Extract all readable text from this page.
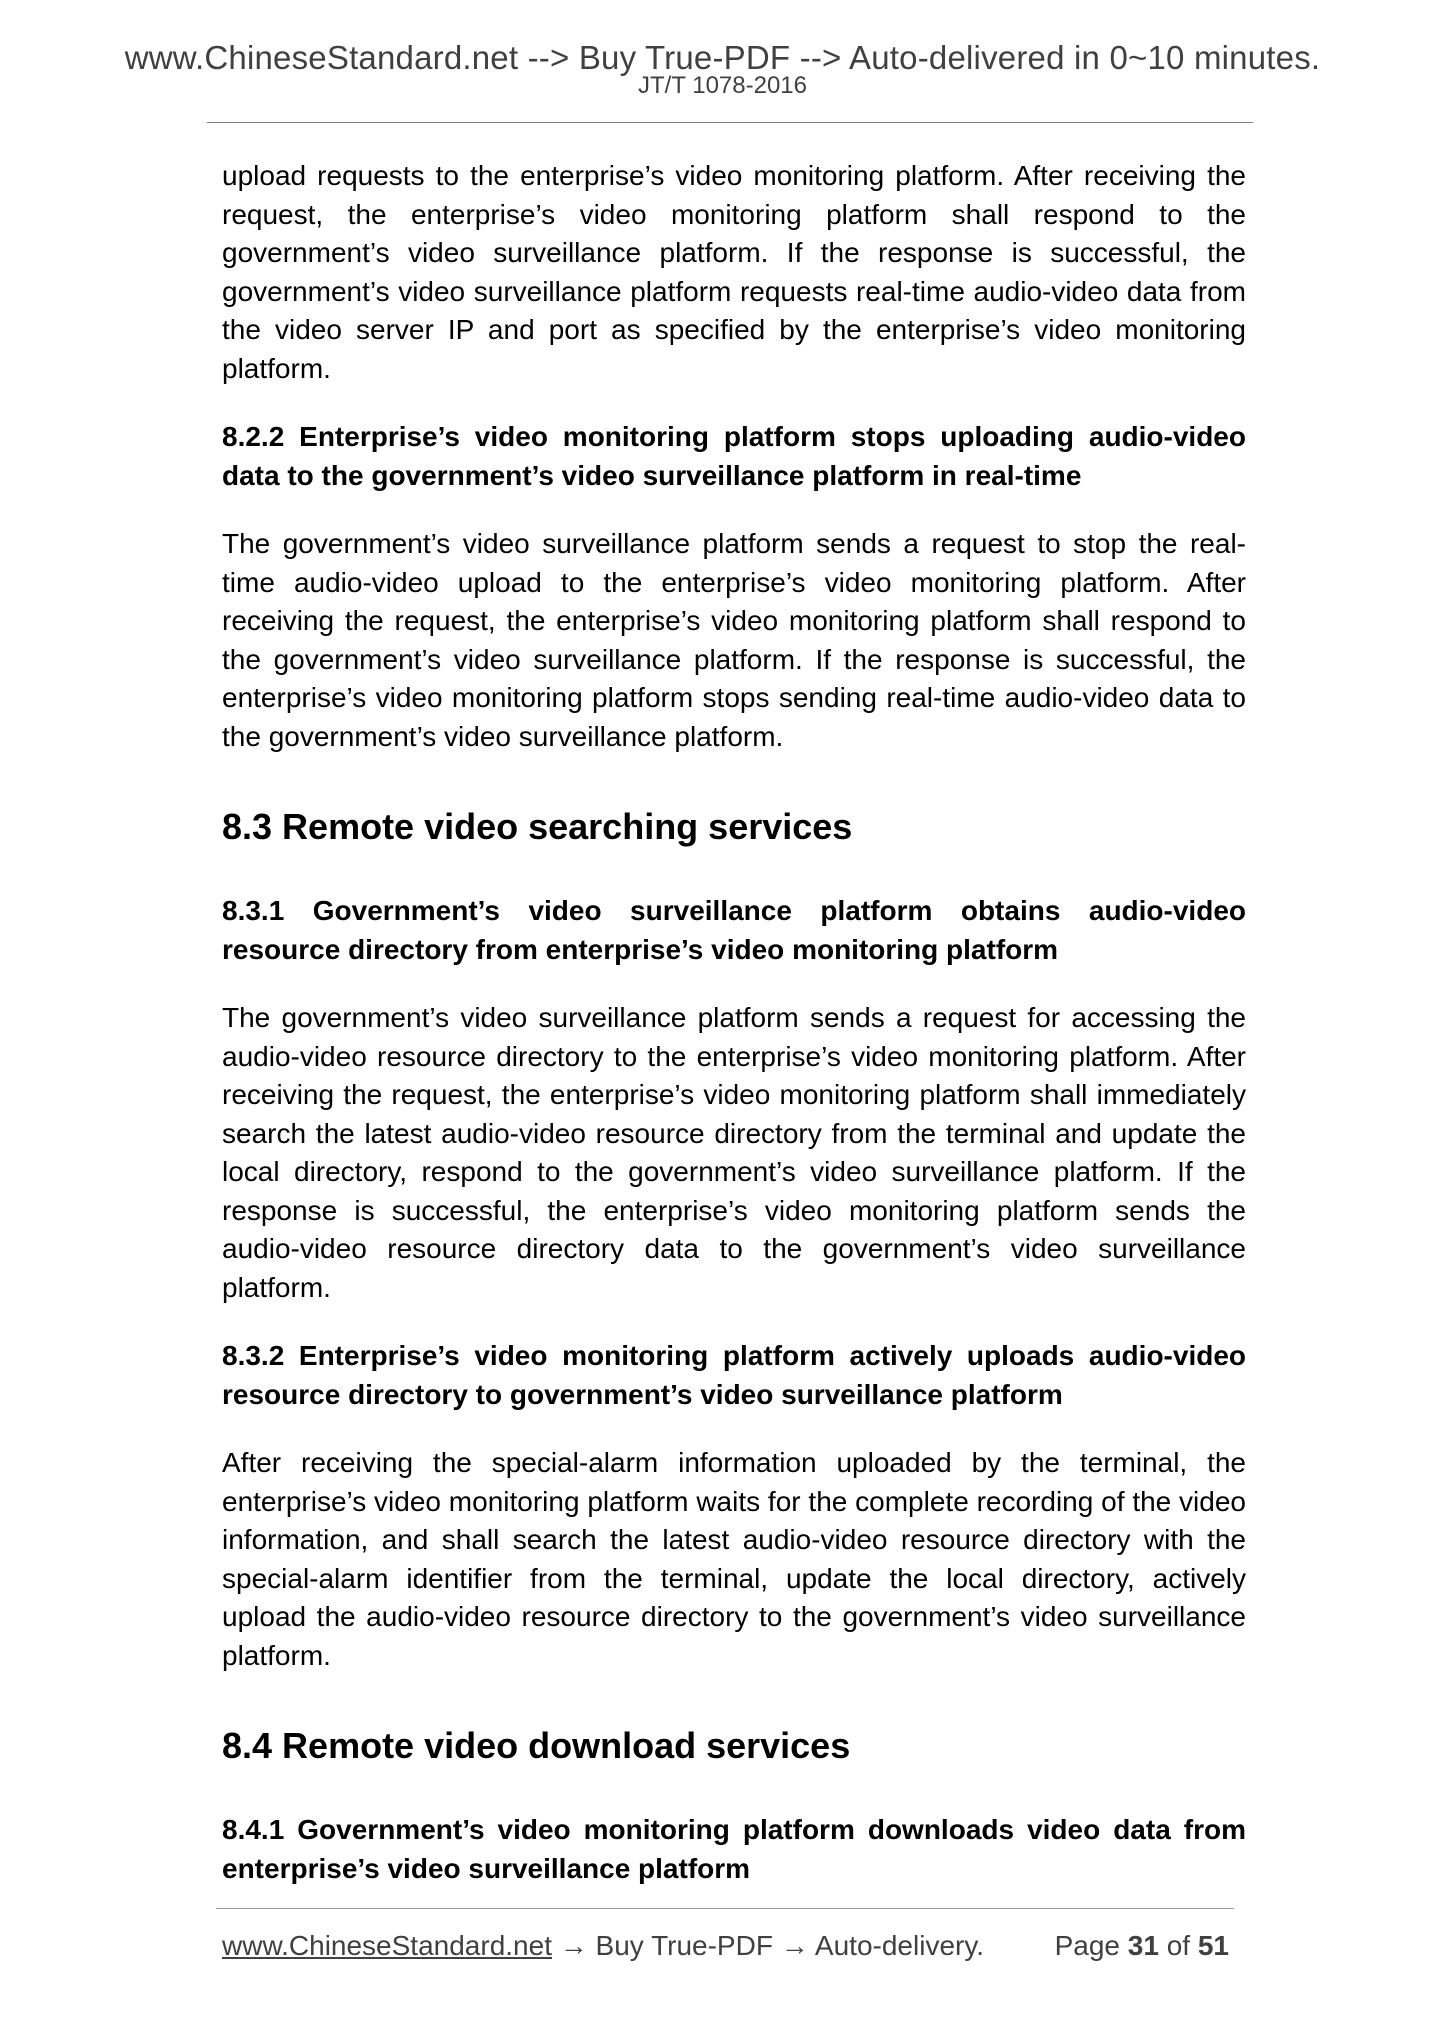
www.ChineseStandard.net --> Buy True-PDF --> Auto-delivered in 0~10 minutes.
JT/T 1078-2016

upload requests to the enterprise’s video monitoring platform. After receiving the request, the enterprise’s video monitoring platform shall respond to the government’s video surveillance platform. If the response is successful, the government’s video surveillance platform requests real-time audio-video data from the video server IP and port as specified by the enterprise’s video monitoring platform.

8.2.2 Enterprise’s video monitoring platform stops uploading audio-video data to the government’s video surveillance platform in real-time

The government’s video surveillance platform sends a request to stop the real-time audio-video upload to the enterprise’s video monitoring platform. After receiving the request, the enterprise’s video monitoring platform shall respond to the government’s video surveillance platform. If the response is successful, the enterprise’s video monitoring platform stops sending real-time audio-video data to the government’s video surveillance platform.

8.3 Remote video searching services
8.3.1 Government’s video surveillance platform obtains audio-video resource directory from enterprise’s video monitoring platform

The government’s video surveillance platform sends a request for accessing the audio-video resource directory to the enterprise’s video monitoring platform. After receiving the request, the enterprise’s video monitoring platform shall immediately search the latest audio-video resource directory from the terminal and update the local directory, respond to the government’s video surveillance platform. If the response is successful, the enterprise’s video monitoring platform sends the audio-video resource directory data to the government’s video surveillance platform.

8.3.2 Enterprise’s video monitoring platform actively uploads audio-video resource directory to government’s video surveillance platform

After receiving the special-alarm information uploaded by the terminal, the enterprise’s video monitoring platform waits for the complete recording of the video information, and shall search the latest audio-video resource directory with the special-alarm identifier from the terminal, update the local directory, actively upload the audio-video resource directory to the government’s video surveillance platform.

8.4 Remote video download services
8.4.1 Government’s video monitoring platform downloads video data from enterprise’s video surveillance platform
www.ChineseStandard.net → Buy True-PDF → Auto-delivery.	Page 31 of 51
